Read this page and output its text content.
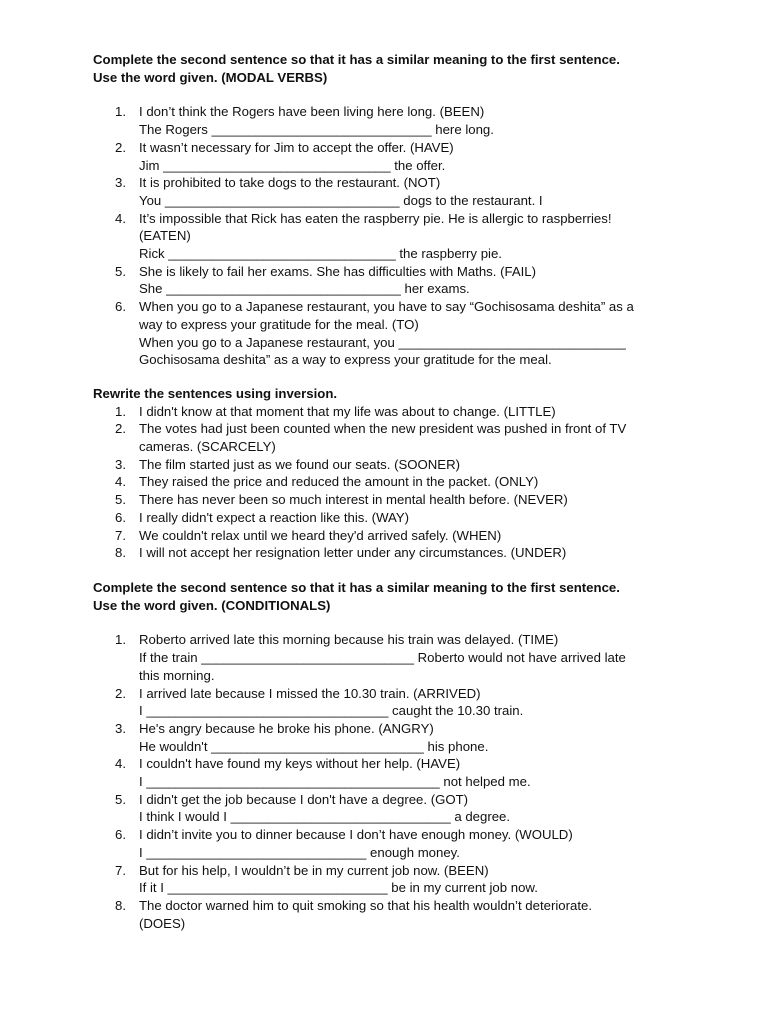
Complete the second sentence so that it has a similar meaning to the first sentence.
Use the word given. (MODAL VERBS)

1. I don’t think the Rogers have been living here long. (BEEN)
The Rogers ______________________________ here long.
2. It wasn’t necessary for Jim to accept the offer. (HAVE)
Jim _______________________________ the offer.
3. It is prohibited to take dogs to the restaurant. (NOT)
You ________________________________ dogs to the restaurant. I
4. It’s impossible that Rick has eaten the raspberry pie. He is allergic to raspberries!
(EATEN)
Rick _______________________________ the raspberry pie.
5. She is likely to fail her exams. She has difficulties with Maths. (FAIL)
She ________________________________ her exams.
6. When you go to a Japanese restaurant, you have to say “Gochisosama deshita” as a
way to express your gratitude for the meal. (TO)
When you go to a Japanese restaurant, you _______________________________
Gochisosama deshita” as a way to express your gratitude for the meal.

Rewrite the sentences using inversion.

1. I didn't know at that moment that my life was about to change. (LITTLE)
2. The votes had just been counted when the new president was pushed in front of TV
cameras. (SCARCELY)
3. The film started just as we found our seats. (SOONER)
4. They raised the price and reduced the amount in the packet. (ONLY)
5. There has never been so much interest in mental health before. (NEVER)
6. I really didn't expect a reaction like this. (WAY)
7. We couldn't relax until we heard they'd arrived safely. (WHEN)
8. I will not accept her resignation letter under any circumstances. (UNDER)

Complete the second sentence so that it has a similar meaning to the first sentence.
Use the word given. (CONDITIONALS)

1. Roberto arrived late this morning because his train was delayed. (TIME)
If the train _____________________________ Roberto would not have arrived late
this morning.
2. I arrived late because I missed the 10.30 train. (ARRIVED)
I _________________________________ caught the 10.30 train.
3. He's angry because he broke his phone. (ANGRY)
He wouldn't _____________________________ his phone.
4. I couldn't have found my keys without her help. (HAVE)
I ________________________________________ not helped me.
5. I didn't get the job because I don't have a degree. (GOT)
I think I would I ______________________________ a degree.
6. I didn’t invite you to dinner because I don’t have enough money. (WOULD)
I ______________________________ enough money.
7. But for his help, I wouldn’t be in my current job now. (BEEN)
If it I ______________________________ be in my current job now.
8. The doctor warned him to quit smoking so that his health wouldn’t deteriorate.
(DOES)
